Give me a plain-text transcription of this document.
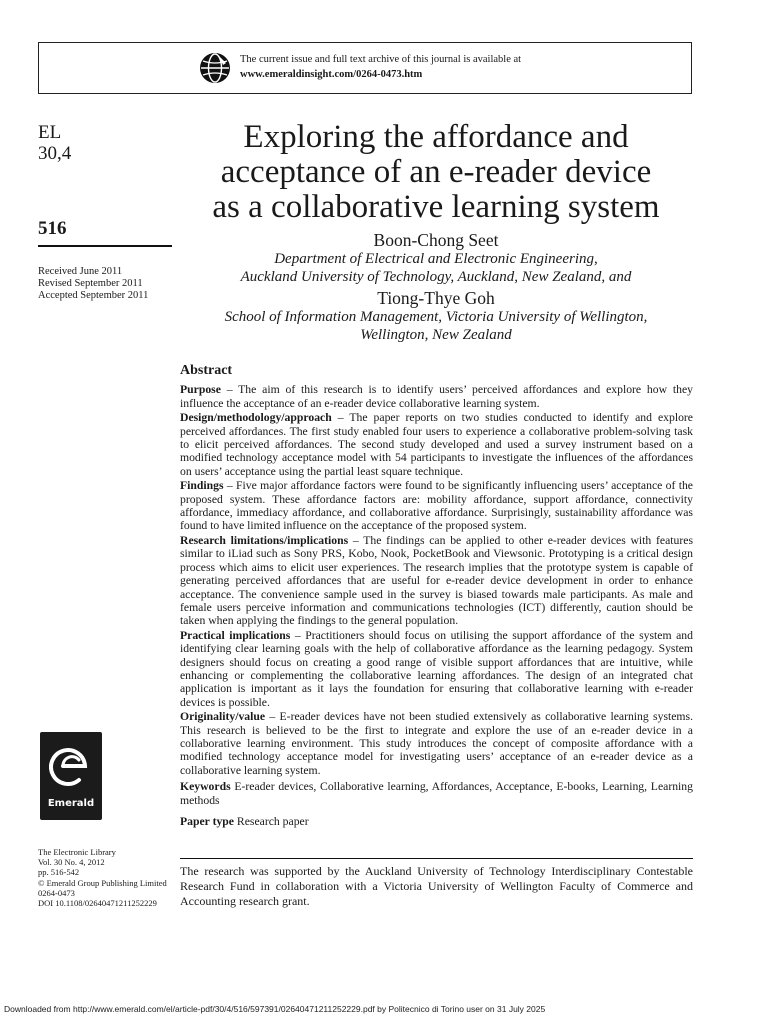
The current issue and full text archive of this journal is available at
www.emeraldinsight.com/0264-0473.htm
EL
30,4
516
Received June 2011
Revised September 2011
Accepted September 2011
Exploring the affordance and
acceptance of an e-reader device
as a collaborative learning system
Boon-Chong Seet
Department of Electrical and Electronic Engineering,
Auckland University of Technology, Auckland, New Zealand, and
Tiong-Thye Goh
School of Information Management, Victoria University of Wellington,
Wellington, New Zealand
Abstract

Purpose – The aim of this research is to identify users’ perceived affordances and explore how they influence the acceptance of an e-reader device collaborative learning system.

Design/methodology/approach – The paper reports on two studies conducted to identify and explore perceived affordances. The first study enabled four users to experience a collaborative problem-solving task to elicit perceived affordances. The second study developed and used a survey instrument based on a modified technology acceptance model with 54 participants to investigate the influences of the affordances on users’ acceptance using the partial least square technique.

Findings – Five major affordance factors were found to be significantly influencing users’ acceptance of the proposed system. These affordance factors are: mobility affordance, support affordance, connectivity affordance, immediacy affordance, and collaborative affordance. Surprisingly, sustainability affordance was found to have limited influence on the acceptance of the proposed system.

Research limitations/implications – The findings can be applied to other e-reader devices with features similar to iLiad such as Sony PRS, Kobo, Nook, PocketBook and Viewsonic. Prototyping is a critical design process which aims to elicit user experiences. The research implies that the prototype system is capable of generating perceived affordances that are useful for e-reader device development in order to enhance acceptance. The convenience sample used in the survey is biased towards male participants. As male and female users perceive information and communications technologies (ICT) differently, caution should be taken when applying the findings to the general population.

Practical implications – Practitioners should focus on utilising the support affordance of the system and identifying clear learning goals with the help of collaborative affordance as the learning pedagogy. System designers should focus on creating a good range of visible support affordances that are intuitive, while enhancing or complementing the collaborative learning affordances. The design of an integrated chat application is important as it lays the foundation for ensuring that collaborative learning with e-reader devices is possible.

Originality/value – E-reader devices have not been studied extensively as collaborative learning systems. This research is believed to be the first to integrate and explore the use of an e-reader device in a collaborative learning environment. This study introduces the concept of composite affordance with a modified technology acceptance model for investigating users’ acceptance of an e-reader device as a collaborative learning system.

Keywords E-reader devices, Collaborative learning, Affordances, Acceptance, E-books, Learning, Learning methods

Paper type Research paper

Emerald
The Electronic Library
Vol. 30 No. 4, 2012
pp. 516-542
© Emerald Group Publishing Limited
0264-0473
DOI 10.1108/02640471211252229
The research was supported by the Auckland University of Technology Interdisciplinary Contestable Research Fund in collaboration with a Victoria University of Wellington Faculty of Commerce and Accounting research grant.
Downloaded from http://www.emerald.com/el/article-pdf/30/4/516/597391/02640471211252229.pdf by Politecnico di Torino user on 31 July 2025
